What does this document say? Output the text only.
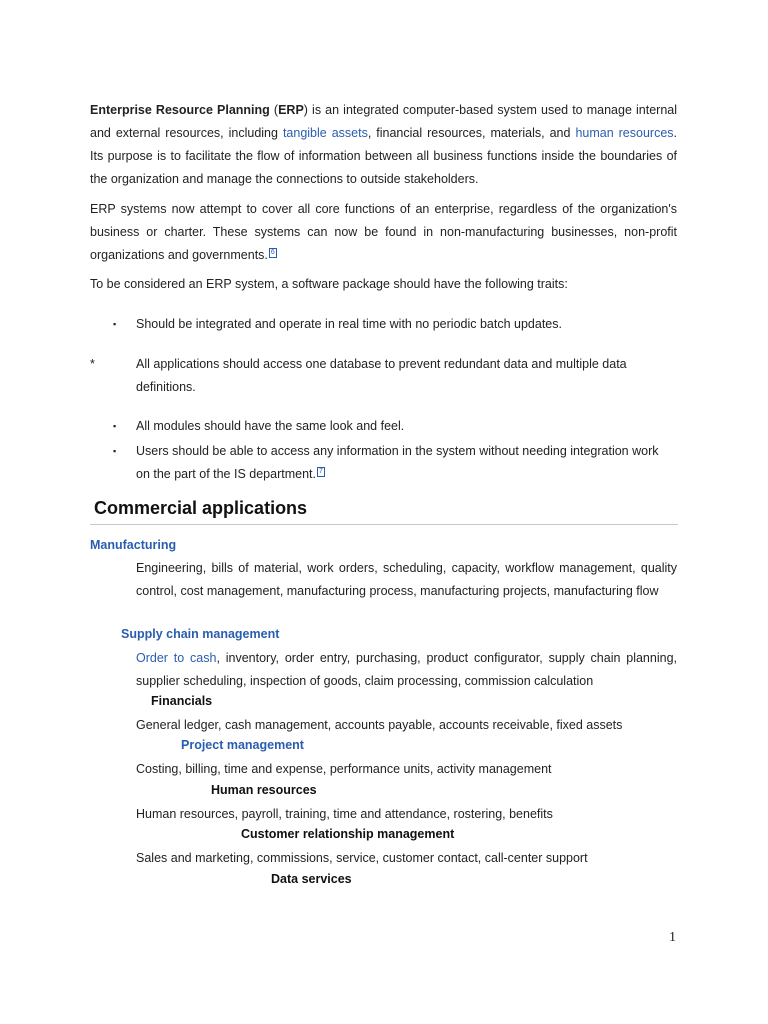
Enterprise Resource Planning (ERP) is an integrated computer-based system used to manage internal and external resources, including tangible assets, financial resources, materials, and human resources. Its purpose is to facilitate the flow of information between all business functions inside the boundaries of the organization and manage the connections to outside stakeholders.

ERP systems now attempt to cover all core functions of an enterprise, regardless of the organization's business or charter. These systems can now be found in non-manufacturing businesses, non-profit organizations and governments. 6

To be considered an ERP system, a software package should have the following traits:

▪ Should be integrated and operate in real time with no periodic batch updates.
*	All applications should access one database to prevent redundant data and multiple data definitions.
▪ All modules should have the same look and feel.
▪ Users should be able to access any information in the system without needing integration work on the part of the IS department. 7
Commercial applications
Manufacturing

Engineering, bills of material, work orders, scheduling, capacity, workflow management, quality control, cost management, manufacturing process, manufacturing projects, manufacturing flow

Supply chain management

Order to cash, inventory, order entry, purchasing, product configurator, supply chain planning, supplier scheduling, inspection of goods, claim processing, commission calculation

Financials

General ledger, cash management, accounts payable, accounts receivable, fixed assets

Project management

Costing, billing, time and expense, performance units, activity management

Human resources

Human resources, payroll, training, time and attendance, rostering, benefits

Customer relationship management

Sales and marketing, commissions, service, customer contact, call-center support

Data services
1
